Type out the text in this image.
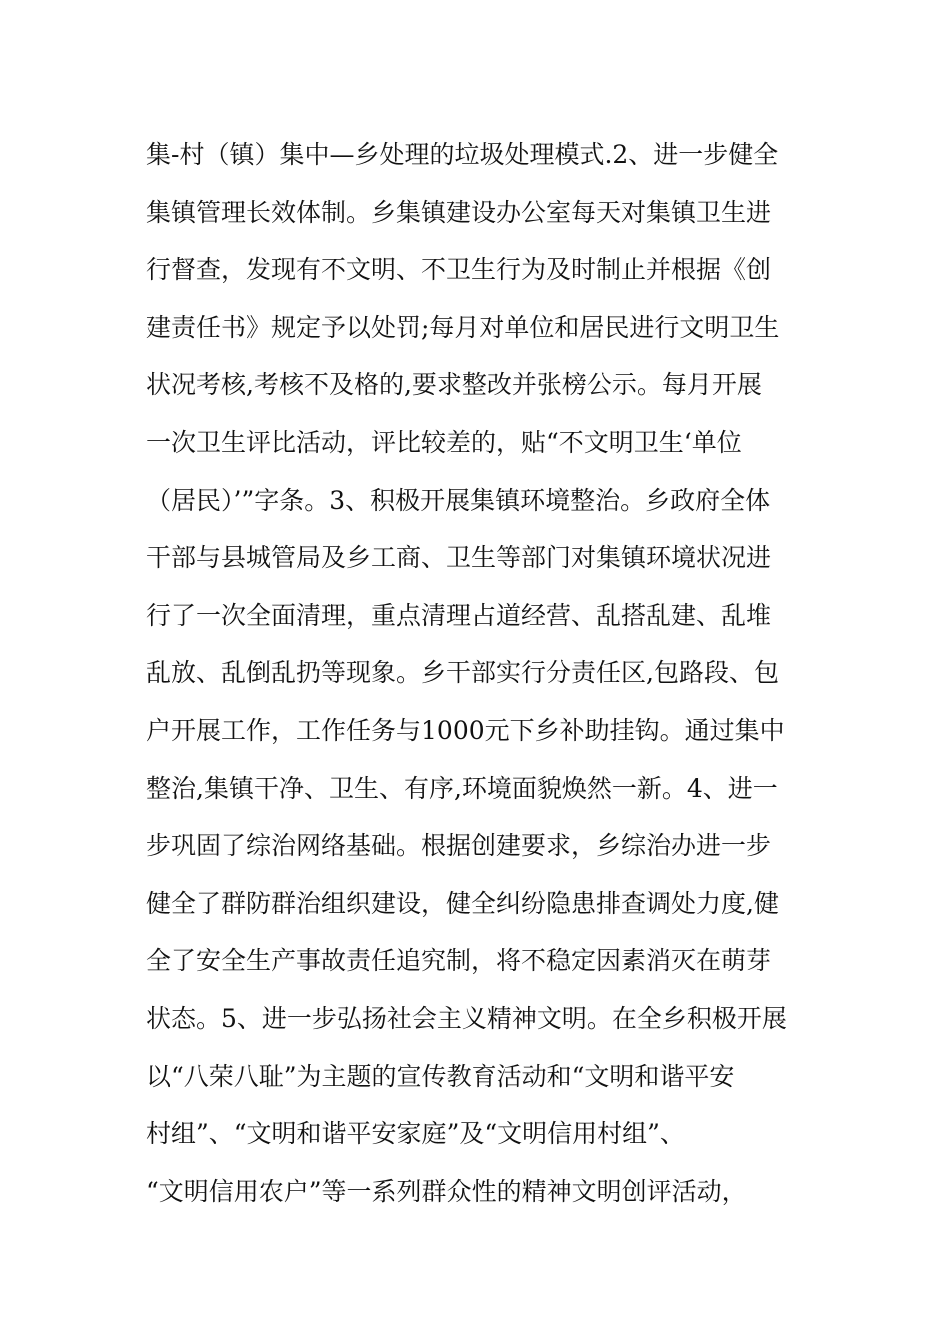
集-村（镇）集中—乡处理的垃圾处理模式.2、进一步健全
集镇管理长效体制。乡集镇建设办公室每天对集镇卫生进
行督查，发现有不文明、不卫生行为及时制止并根据《创
建责任书》规定予以处罚;每月对单位和居民进行文明卫生
状况考核,考核不及格的,要求整改并张榜公示。每月开展
一次卫生评比活动，评比较差的，贴“不文明卫生‘单位
（居民）’”字条。3、积极开展集镇环境整治。乡政府全体
干部与县城管局及乡工商、卫生等部门对集镇环境状况进
行了一次全面清理，重点清理占道经营、乱搭乱建、乱堆
乱放、乱倒乱扔等现象。乡干部实行分责任区,包路段、包
户开展工作，工作任务与1000元下乡补助挂钩。通过集中
整治,集镇干净、卫生、有序,环境面貌焕然一新。4、进一
步巩固了综治网络基础。根据创建要求，乡综治办进一步
健全了群防群治组织建设，健全纠纷隐患排查调处力度,健
全了安全生产事故责任追究制，将不稳定因素消灭在萌芽
状态。5、进一步弘扬社会主义精神文明。在全乡积极开展
以“八荣八耻”为主题的宣传教育活动和“文明和谐平安
村组”、“文明和谐平安家庭”及“文明信用村组”、
“文明信用农户”等一系列群众性的精神文明创评活动，
